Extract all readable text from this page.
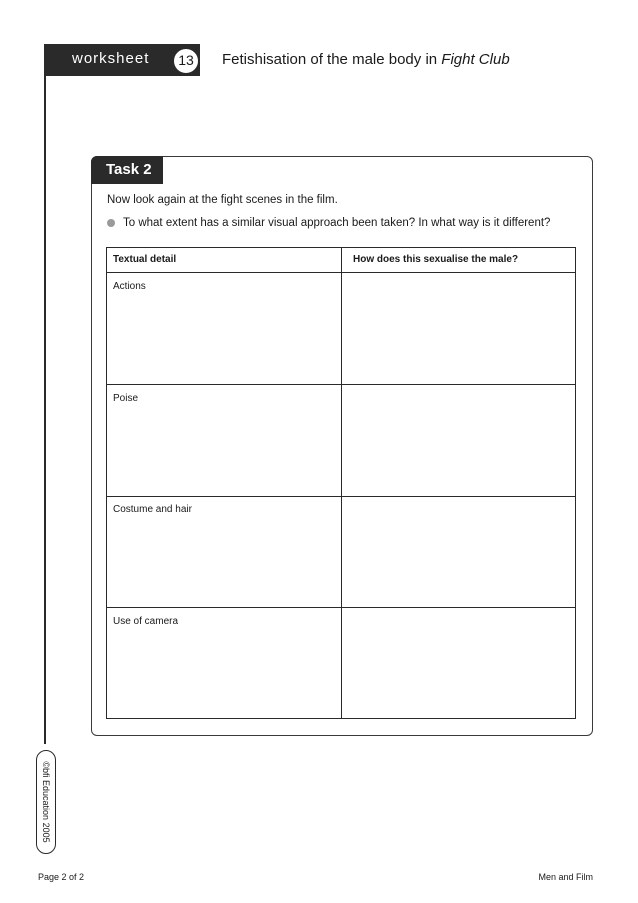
worksheet	13	Fetishisation of the male body in Fight Club
Task 2
Now look again at the fight scenes in the film.
To what extent has a similar visual approach been taken? In what way is it different?
Textual detail	How does this sexualise the male?
Actions
Poise
Costume and hair
Use of camera
©bfi Education 2005
Page 2 of 2	Men and Film
